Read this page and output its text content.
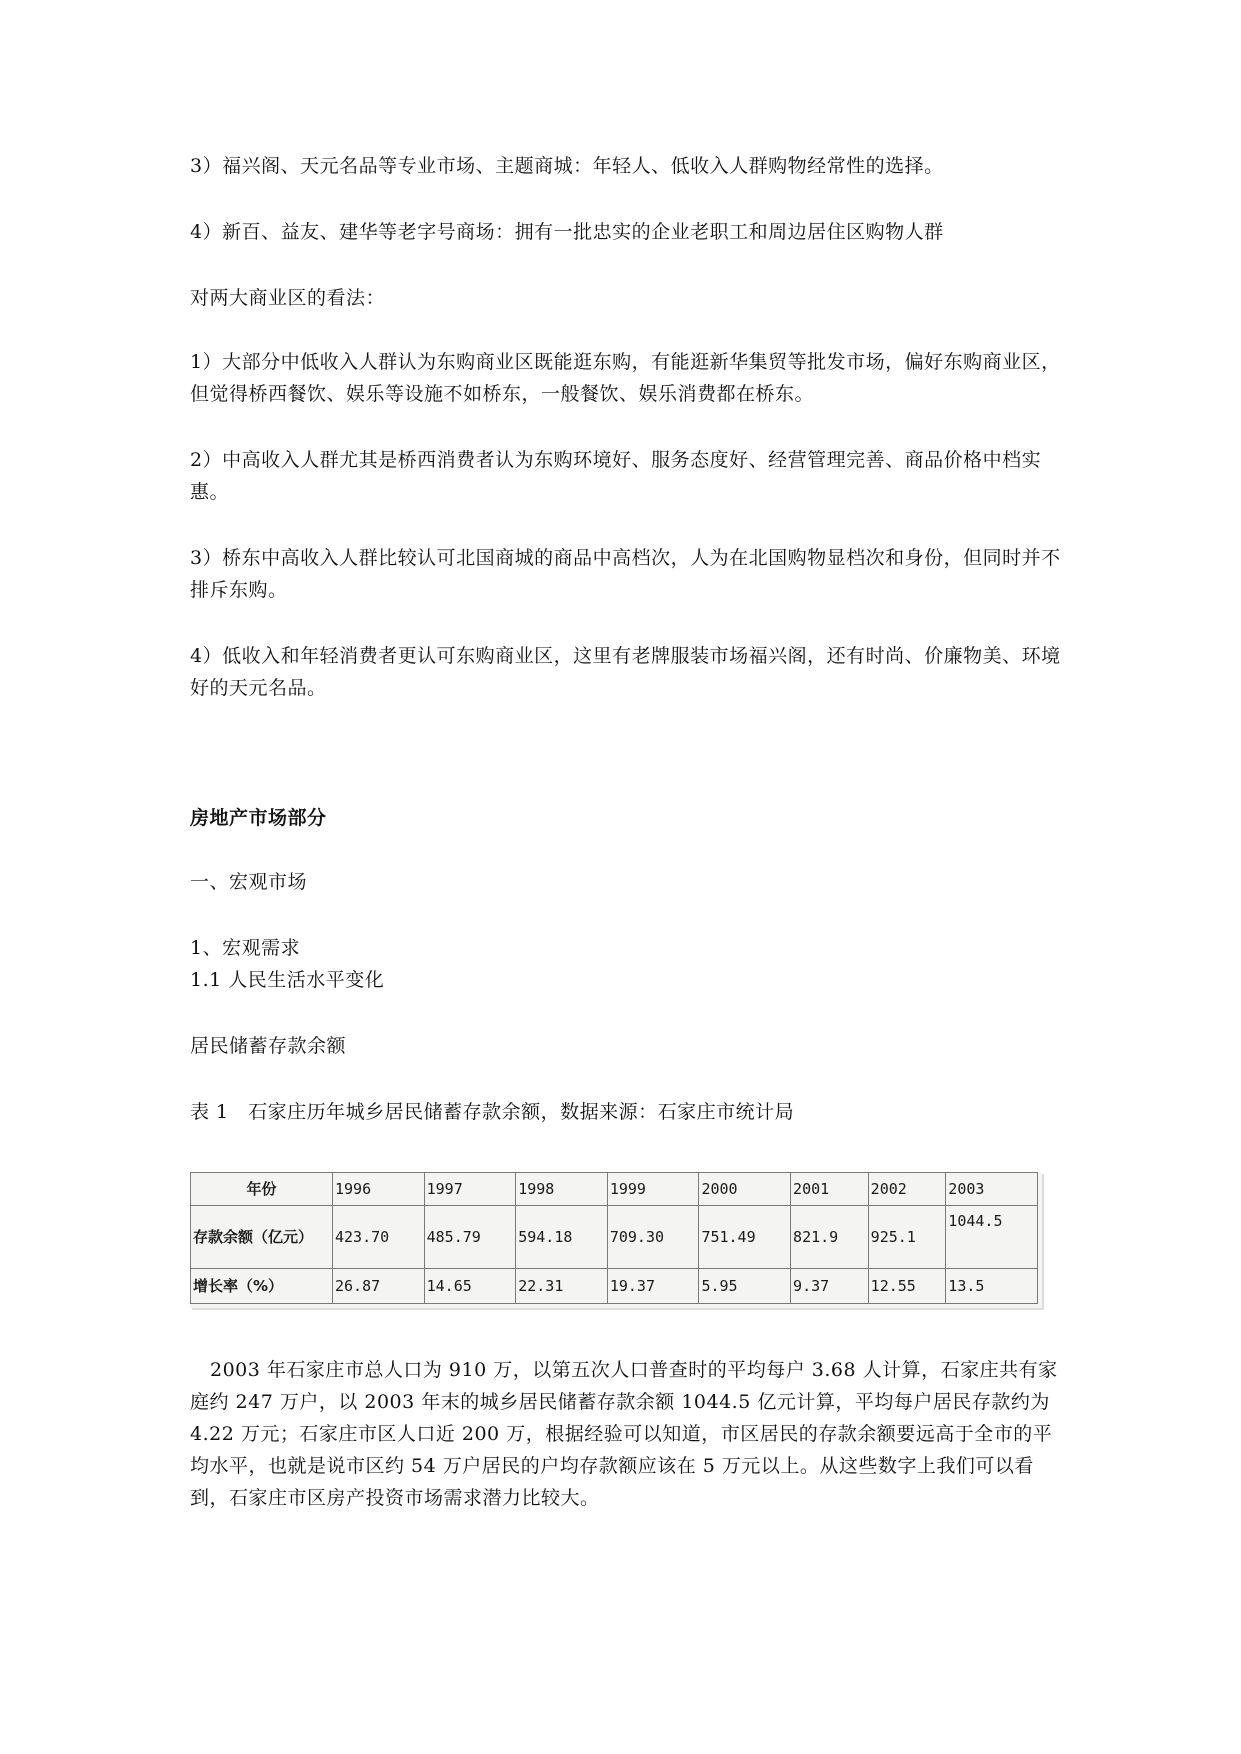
3）福兴阁、天元名品等专业市场、主题商城：年轻人、低收入人群购物经常性的选择。

4）新百、益友、建华等老字号商场：拥有一批忠实的企业老职工和周边居住区购物人群

对两大商业区的看法：

1）大部分中低收入人群认为东购商业区既能逛东购，有能逛新华集贸等批发市场，偏好东购商业区，但觉得桥西餐饮、娱乐等设施不如桥东，一般餐饮、娱乐消费都在桥东。

2）中高收入人群尤其是桥西消费者认为东购环境好、服务态度好、经营管理完善、商品价格中档实惠。

3）桥东中高收入人群比较认可北国商城的商品中高档次，人为在北国购物显档次和身份，但同时并不排斥东购。

4）低收入和年轻消费者更认可东购商业区，这里有老牌服装市场福兴阁，还有时尚、价廉物美、环境好的天元名品。

房地产市场部分

一、宏观市场

1、宏观需求

1.1 人民生活水平变化

居民储蓄存款余额

表 1　石家庄历年城乡居民储蓄存款余额，数据来源：石家庄市统计局

年份	1996	1997	1998	1999	2000	2001	2002	2003
存款余额（亿元）	423.70	485.79	594.18	709.30	751.49	821.9	925.1	1044.5
增长率（%）	26.87	14.65	22.31	19.37	5.95	9.37	12.55	13.5

2003 年石家庄市总人口为 910 万，以第五次人口普查时的平均每户 3.68 人计算，石家庄共有家庭约 247 万户，以 2003 年末的城乡居民储蓄存款余额 1044.5 亿元计算，平均每户居民存款约为 4.22 万元；石家庄市区人口近 200 万，根据经验可以知道，市区居民的存款余额要远高于全市的平均水平，也就是说市区约 54 万户居民的户均存款额应该在 5 万元以上。从这些数字上我们可以看到，石家庄市区房产投资市场需求潜力比较大。
